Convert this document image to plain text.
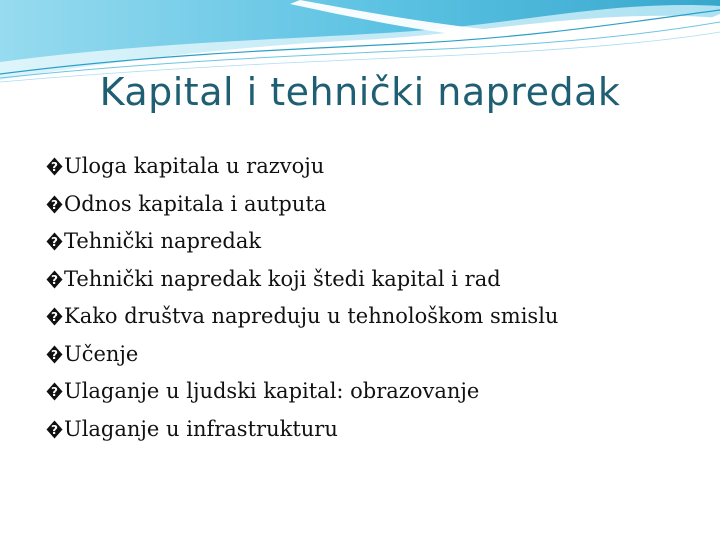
Kapital i tehnički napredak
? Uloga kapitala u razvoju
? Odnos kapitala i autputa
? Tehnički napredak
? Tehnički napredak koji štedi kapital i rad
? Kako društva napreduju u tehnološkom smislu
? Učenje
? Ulaganje u ljudski kapital: obrazovanje
? Ulaganje u infrastrukturu
